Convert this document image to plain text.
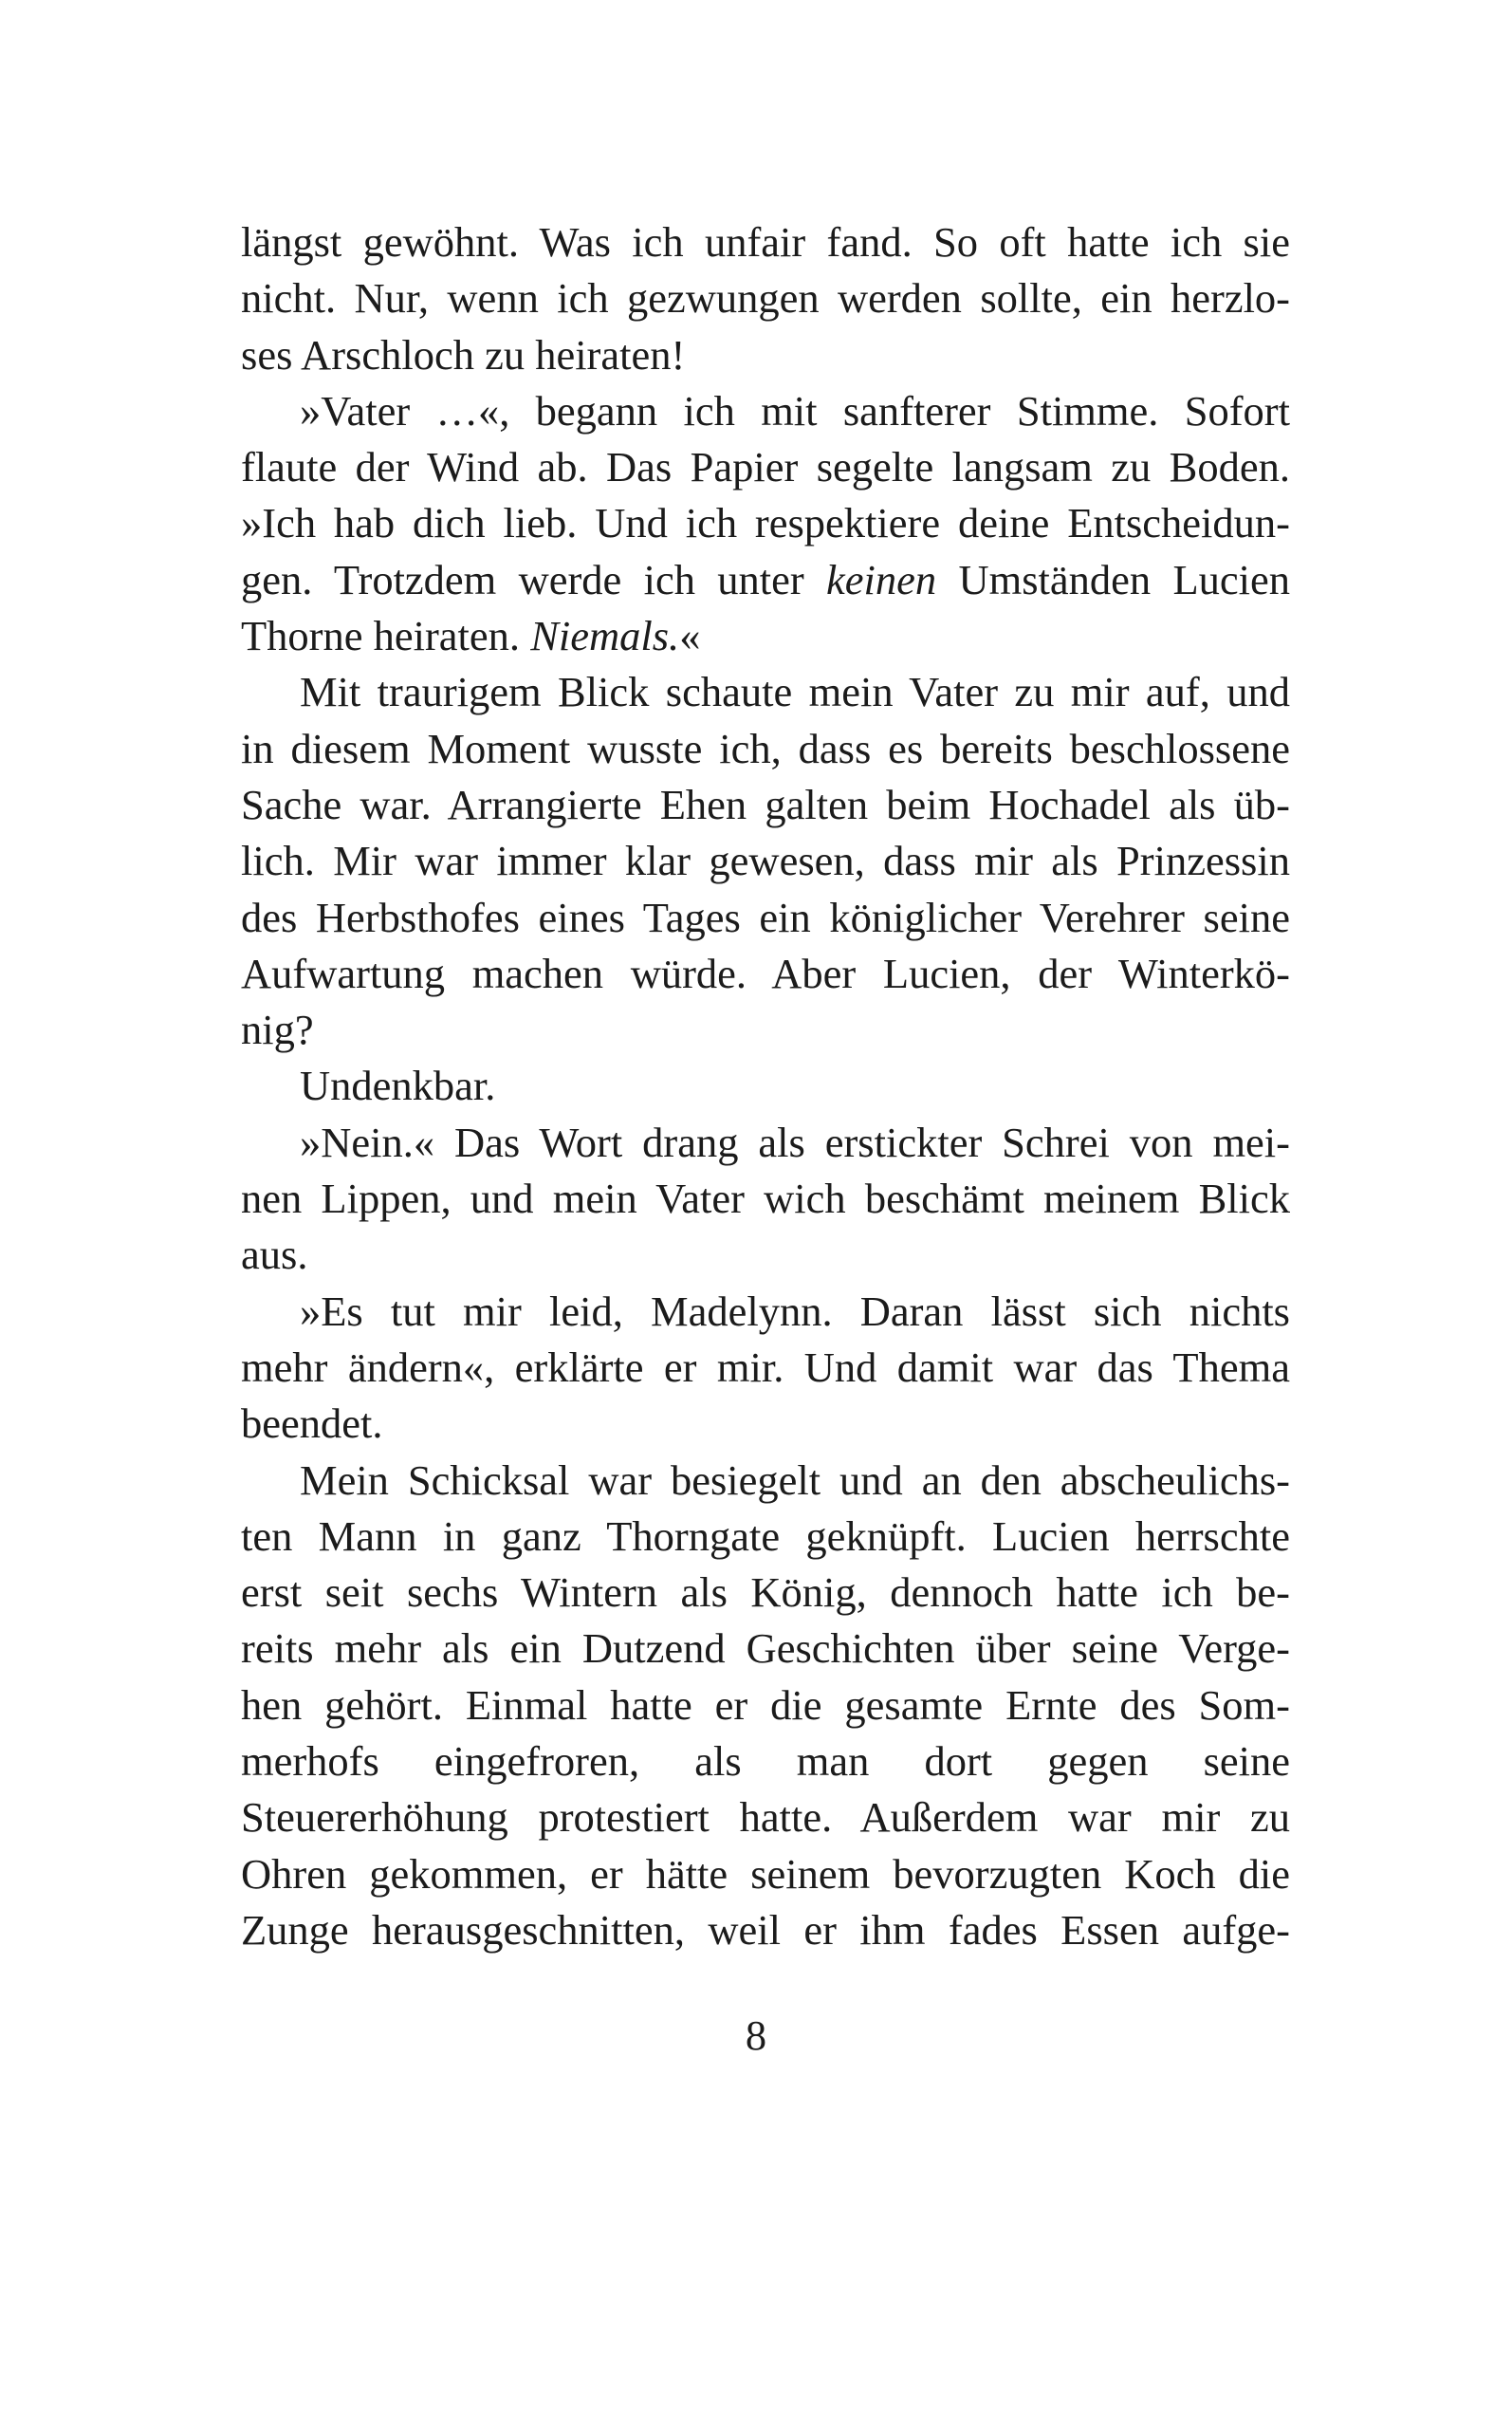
längst gewöhnt. Was ich unfair fand. So oft hatte ich sie
nicht. Nur, wenn ich gezwungen werden sollte, ein herzlo-
ses Arschloch zu heiraten!
»Vater …«, begann ich mit sanfterer Stimme. Sofort
flaute der Wind ab. Das Papier segelte langsam zu Boden.
»Ich hab dich lieb. Und ich respektiere deine Entscheidun-
gen. Trotzdem werde ich unter keinen Umständen Lucien
Thorne heiraten. Niemals.«
Mit traurigem Blick schaute mein Vater zu mir auf, und
in diesem Moment wusste ich, dass es bereits beschlossene
Sache war. Arrangierte Ehen galten beim Hochadel als üb-
lich. Mir war immer klar gewesen, dass mir als Prinzessin
des Herbsthofes eines Tages ein königlicher Verehrer seine
Aufwartung machen würde. Aber Lucien, der Winterkö-
nig?
Undenkbar.
»Nein.« Das Wort drang als erstickter Schrei von mei-
nen Lippen, und mein Vater wich beschämt meinem Blick
aus.
»Es tut mir leid, Madelynn. Daran lässt sich nichts
mehr ändern«, erklärte er mir. Und damit war das Thema
beendet.
Mein Schicksal war besiegelt und an den abscheulichs-
ten Mann in ganz Thorngate geknüpft. Lucien herrschte
erst seit sechs Wintern als König, dennoch hatte ich be-
reits mehr als ein Dutzend Geschichten über seine Verge-
hen gehört. Einmal hatte er die gesamte Ernte des Som-
merhofs eingefroren, als man dort gegen seine
Steuererhöhung protestiert hatte. Außerdem war mir zu
Ohren gekommen, er hätte seinem bevorzugten Koch die
Zunge herausgeschnitten, weil er ihm fades Essen aufge-
8
